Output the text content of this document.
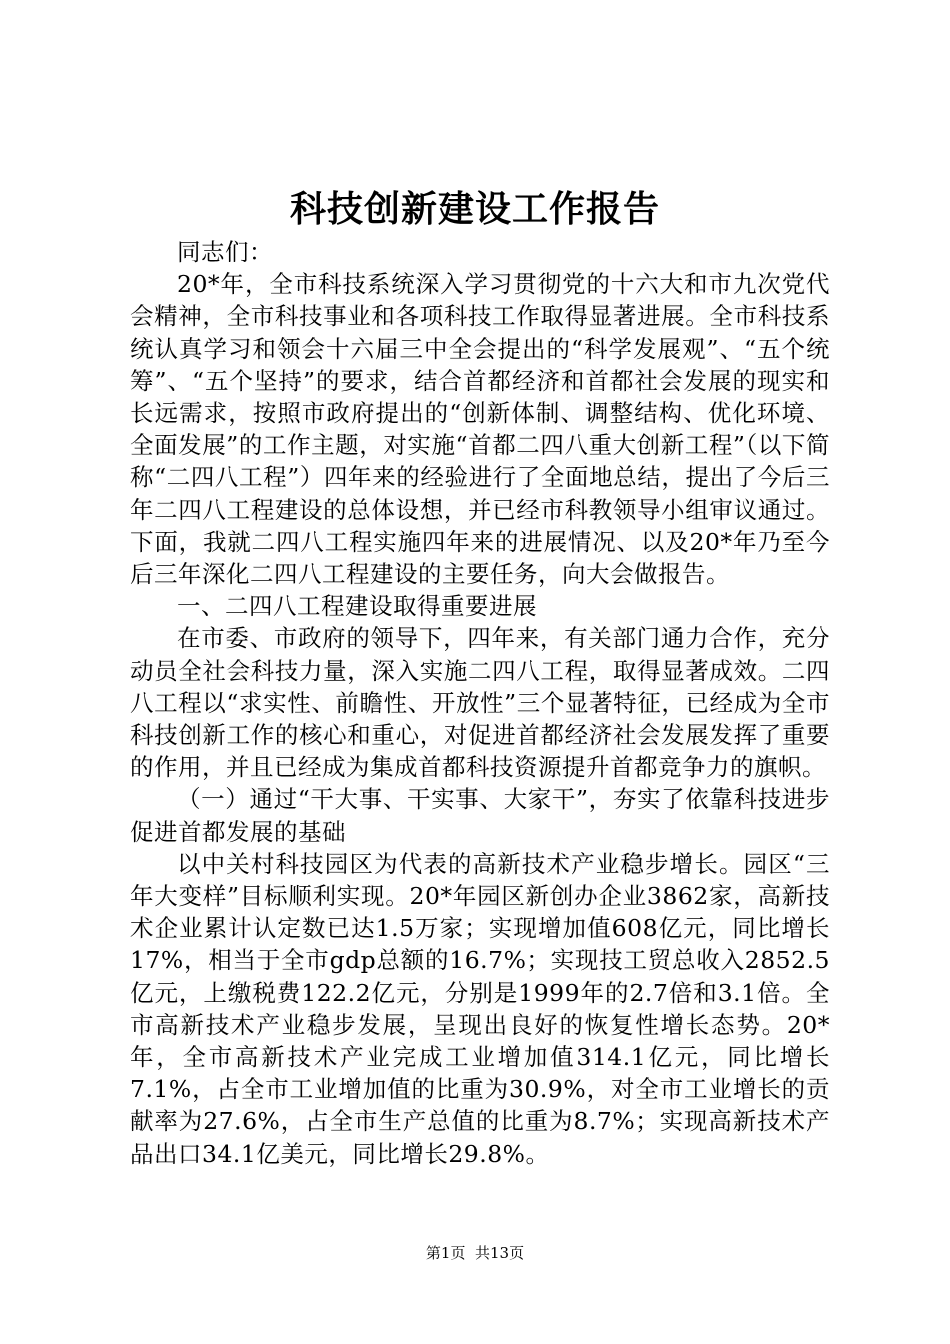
科技创新建设工作报告

同志们：

20*年，全市科技系统深入学习贯彻党的十六大和市九次党代会精神，全市科技事业和各项科技工作取得显著进展。全市科技系统认真学习和领会十六届三中全会提出的“科学发展观”、“五个统筹”、“五个坚持”的要求，结合首都经济和首都社会发展的现实和长远需求，按照市政府提出的“创新体制、调整结构、优化环境、全面发展”的工作主题，对实施“首都二四八重大创新工程”（以下简称“二四八工程”）四年来的经验进行了全面地总结，提出了今后三年二四八工程建设的总体设想，并已经市科教领导小组审议通过。下面，我就二四八工程实施四年来的进展情况、以及20*年乃至今后三年深化二四八工程建设的主要任务，向大会做报告。

一、二四八工程建设取得重要进展

在市委、市政府的领导下，四年来，有关部门通力合作，充分动员全社会科技力量，深入实施二四八工程，取得显著成效。二四八工程以“求实性、前瞻性、开放性”三个显著特征，已经成为全市科技创新工作的核心和重心，对促进首都经济社会发展发挥了重要的作用，并且已经成为集成首都科技资源提升首都竞争力的旗帜。

（一）通过“干大事、干实事、大家干”，夯实了依靠科技进步促进首都发展的基础

以中关村科技园区为代表的高新技术产业稳步增长。园区“三年大变样”目标顺利实现。20*年园区新创办企业3862家，高新技术企业累计认定数已达1.5万家；实现增加值608亿元，同比增长17%，相当于全市gdp总额的16.7%；实现技工贸总收入2852.5亿元，上缴税费122.2亿元，分别是1999年的2.7倍和3.1倍。全市高新技术产业稳步发展，呈现出良好的恢复性增长态势。20*年，全市高新技术产业完成工业增加值314.1亿元，同比增长7.1%，占全市工业增加值的比重为30.9%，对全市工业增长的贡献率为27.6%，占全市生产总值的比重为8.7%；实现高新技术产品出口34.1亿美元，同比增长29.8%。

第1页 共13页
